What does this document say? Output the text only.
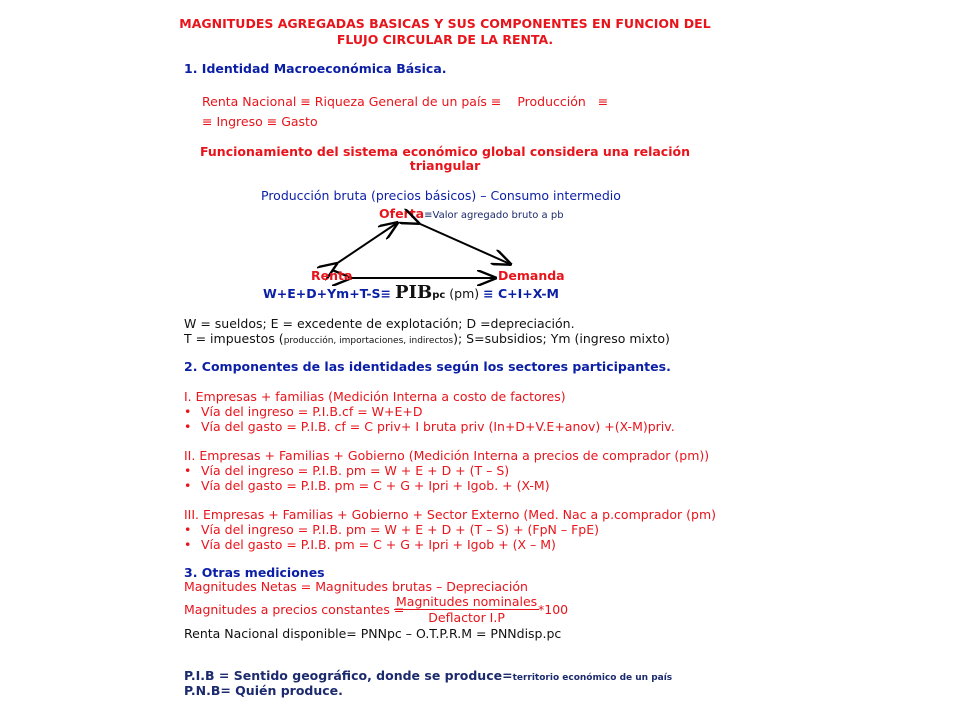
MAGNITUDES AGREGADAS BASICAS Y SUS COMPONENTES EN FUNCION DEL
FLUJO CIRCULAR DE LA RENTA.
1. Identidad Macroeconómica Básica.
Renta Nacional ≡ Riqueza General de un país ≡ Producción ≡
≡ Ingreso ≡ Gasto
Funcionamiento del sistema económico global considera una relación
triangular
Producción bruta (precios básicos) – Consumo intermedio
Oferta≡Valor agregado bruto a pb
Renta	Demanda
W+E+D+Ym+T-S≡ PIBpc (pm) ≡ C+I+X-M
W = sueldos; E = excedente de explotación; D =depreciación.
T = impuestos (producción, importaciones, indirectos); S=subsidios; Ym (ingreso mixto)
2. Componentes de las identidades según los sectores participantes.
I. Empresas + familias (Medición Interna a costo de factores)
• Vía del ingreso = P.I.B.cf = W+E+D
• Vía del gasto = P.I.B. cf = C priv+ I bruta priv (In+D+V.E+anov) +(X-M)priv.
II. Empresas + Familias + Gobierno (Medición Interna a precios de comprador (pm))
• Vía del ingreso = P.I.B. pm = W + E + D + (T – S)
• Vía del gasto = P.I.B. pm = C + G + Ipri + Igob. + (X-M)
III. Empresas + Familias + Gobierno + Sector Externo (Med. Nac a p.comprador (pm)
• Vía del ingreso = P.I.B. pm = W + E + D + (T – S) + (FpN – FpE)
• Vía del gasto = P.I.B. pm = C + G + Ipri + Igob + (X – M)
3. Otras mediciones
Magnitudes Netas = Magnitudes brutas – Depreciación
Magnitudes a precios constantes =
Magnitudes nominales
Deflactor I.P
*100
Renta Nacional disponible= PNNpc – O.T.P.R.M = PNNdisp.pc
P.I.B = Sentido geográfico, donde se produce=territorio económico de un país
P.N.B= Quién produce.
